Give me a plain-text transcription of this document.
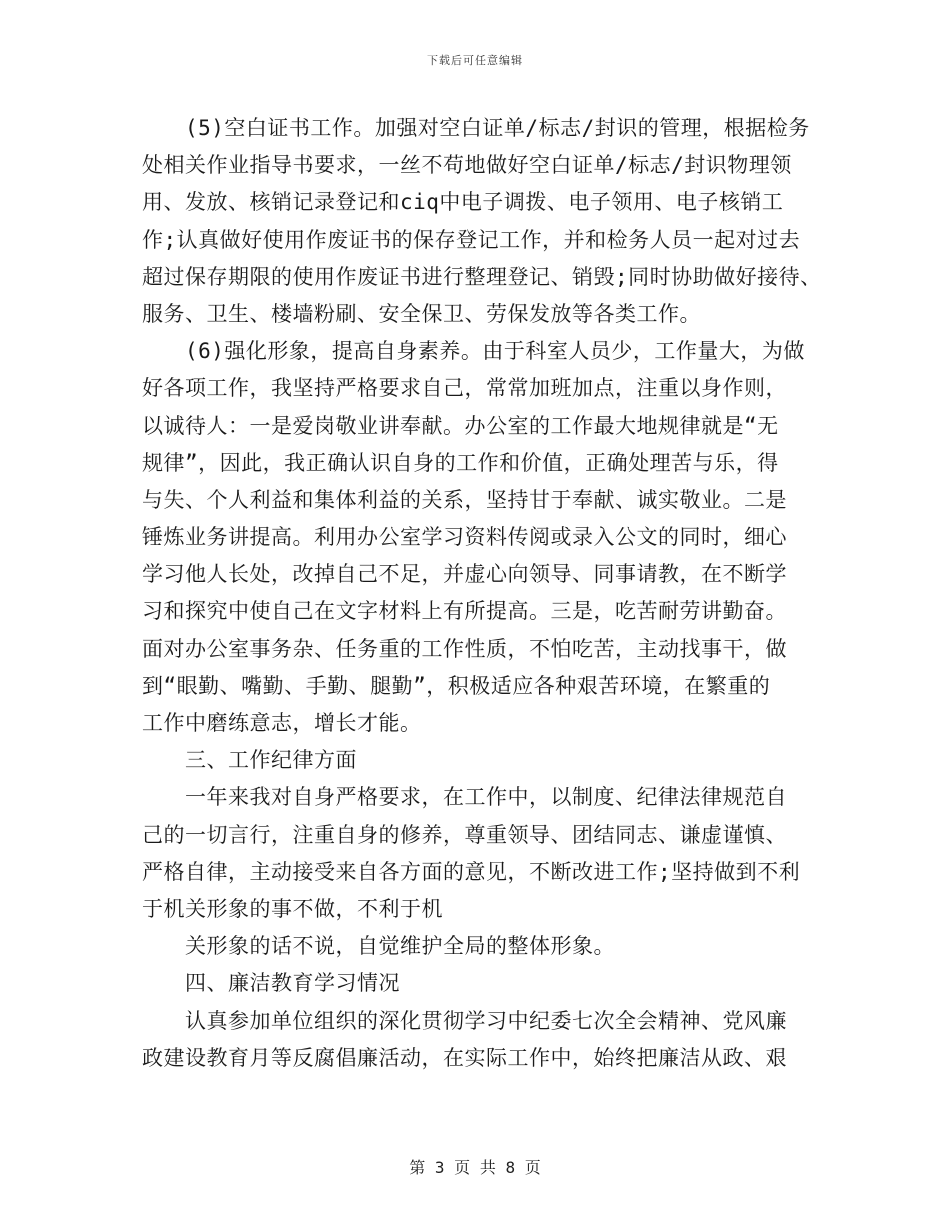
下载后可任意编辑
(5)空白证书工作。加强对空白证单/标志/封识的管理，根据检务
处相关作业指导书要求，一丝不苟地做好空白证单/标志/封识物理领
用、发放、核销记录登记和ciq中电子调拨、电子领用、电子核销工
作;认真做好使用作废证书的保存登记工作，并和检务人员一起对过去
超过保存期限的使用作废证书进行整理登记、销毁;同时协助做好接待、
服务、卫生、楼墙粉刷、安全保卫、劳保发放等各类工作。
(6)强化形象，提高自身素养。由于科室人员少，工作量大，为做
好各项工作，我坚持严格要求自己，常常加班加点，注重以身作则，
以诚待人：一是爱岗敬业讲奉献。办公室的工作最大地规律就是“无
规律”，因此，我正确认识自身的工作和价值，正确处理苦与乐，得
与失、个人利益和集体利益的关系，坚持甘于奉献、诚实敬业。二是
锤炼业务讲提高。利用办公室学习资料传阅或录入公文的同时，细心
学习他人长处，改掉自己不足，并虚心向领导、同事请教，在不断学
习和探究中使自己在文字材料上有所提高。三是，吃苦耐劳讲勤奋。
面对办公室事务杂、任务重的工作性质，不怕吃苦，主动找事干，做
到“眼勤、嘴勤、手勤、腿勤”，积极适应各种艰苦环境，在繁重的
工作中磨练意志，增长才能。
三、工作纪律方面
一年来我对自身严格要求，在工作中，以制度、纪律法律规范自
己的一切言行，注重自身的修养，尊重领导、团结同志、谦虚谨慎、
严格自律，主动接受来自各方面的意见，不断改进工作;坚持做到不利
于机关形象的事不做，不利于机
关形象的话不说，自觉维护全局的整体形象。
四、廉洁教育学习情况
认真参加单位组织的深化贯彻学习中纪委七次全会精神、党风廉
政建设教育月等反腐倡廉活动，在实际工作中，始终把廉洁从政、艰
第 3 页 共 8 页
